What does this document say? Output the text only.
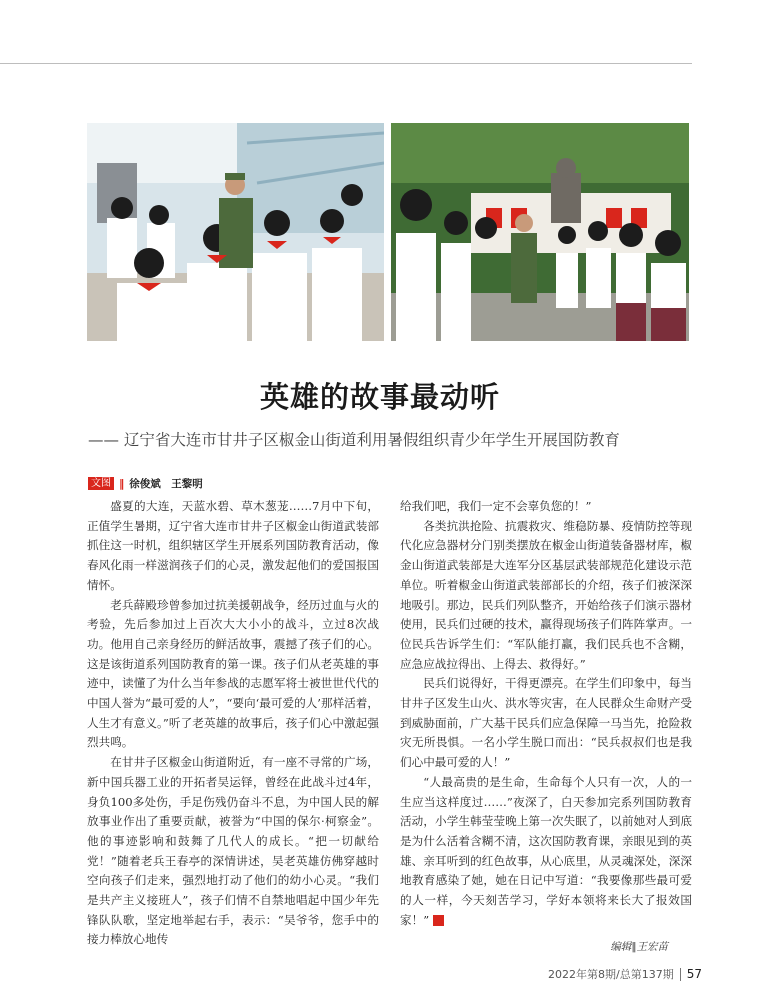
英雄的故事最动听
—— 辽宁省大连市甘井子区椒金山街道利用暑假组织青少年学生开展国防教育
文图 ‖ 徐俊斌　王黎明

盛夏的大连，天蓝水碧、草木葱茏……7月中下旬，正值学生暑期，辽宁省大连市甘井子区椒金山街道武装部抓住这一时机，组织辖区学生开展系列国防教育活动，像春风化雨一样滋润孩子们的心灵，激发起他们的爱国报国情怀。

老兵薛殿珍曾参加过抗美援朝战争，经历过血与火的考验，先后参加过上百次大大小小的战斗，立过8次战功。他用自己亲身经历的鲜活故事，震撼了孩子们的心。这是该街道系列国防教育的第一课。孩子们从老英雄的事迹中，读懂了为什么当年参战的志愿军将士被世世代代的中国人誉为“最可爱的人”，“要向‘最可爱的人’那样活着，人生才有意义。”听了老英雄的故事后，孩子们心中激起强烈共鸣。

在甘井子区椒金山街道附近，有一座不寻常的广场，新中国兵器工业的开拓者吴运铎，曾经在此战斗过4年，身负100多处伤，手足伤残仍奋斗不息，为中国人民的解放事业作出了重要贡献，被誉为“中国的保尔·柯察金”。他的事迹影响和鼓舞了几代人的成长。“把一切献给党！”随着老兵王春亭的深情讲述，吴老英雄仿佛穿越时空向孩子们走来，强烈地打动了他们的幼小心灵。“我们是共产主义接班人”，孩子们情不自禁地唱起中国少年先锋队队歌，坚定地举起右手，表示：“吴爷爷，您手中的接力棒放心地传

给我们吧，我们一定不会辜负您的！”

各类抗洪抢险、抗震救灾、维稳防暴、疫情防控等现代化应急器材分门别类摆放在椒金山街道装备器材库，椒金山街道武装部是大连军分区基层武装部规范化建设示范单位。听着椒金山街道武装部部长的介绍，孩子们被深深地吸引。那边，民兵们列队整齐，开始给孩子们演示器材使用，民兵们过硬的技术，赢得现场孩子们阵阵掌声。一位民兵告诉学生们：“军队能打赢，我们民兵也不含糊，应急应战拉得出、上得去、救得好。”

民兵们说得好，干得更漂亮。在学生们印象中，每当甘井子区发生山火、洪水等灾害，在人民群众生命财产受到威胁面前，广大基干民兵们应急保障一马当先，抢险救灾无所畏惧。一名小学生脱口而出：“民兵叔叔们也是我们心中最可爱的人！”

“人最高贵的是生命，生命每个人只有一次，人的一生应当这样度过……”夜深了，白天参加完系列国防教育活动，小学生韩莹莹晚上第一次失眠了，以前她对人到底是为什么活着含糊不清，这次国防教育课，亲眼见到的英雄、亲耳听到的红色故事，从心底里，从灵魂深处，深深地教育感染了她，她在日记中写道：“我要像那些最可爱的人一样，今天刻苦学习，学好本领将来长大了报效国家！”	G

编辑∥王宏苗
2022年第8期/总第137期 57
